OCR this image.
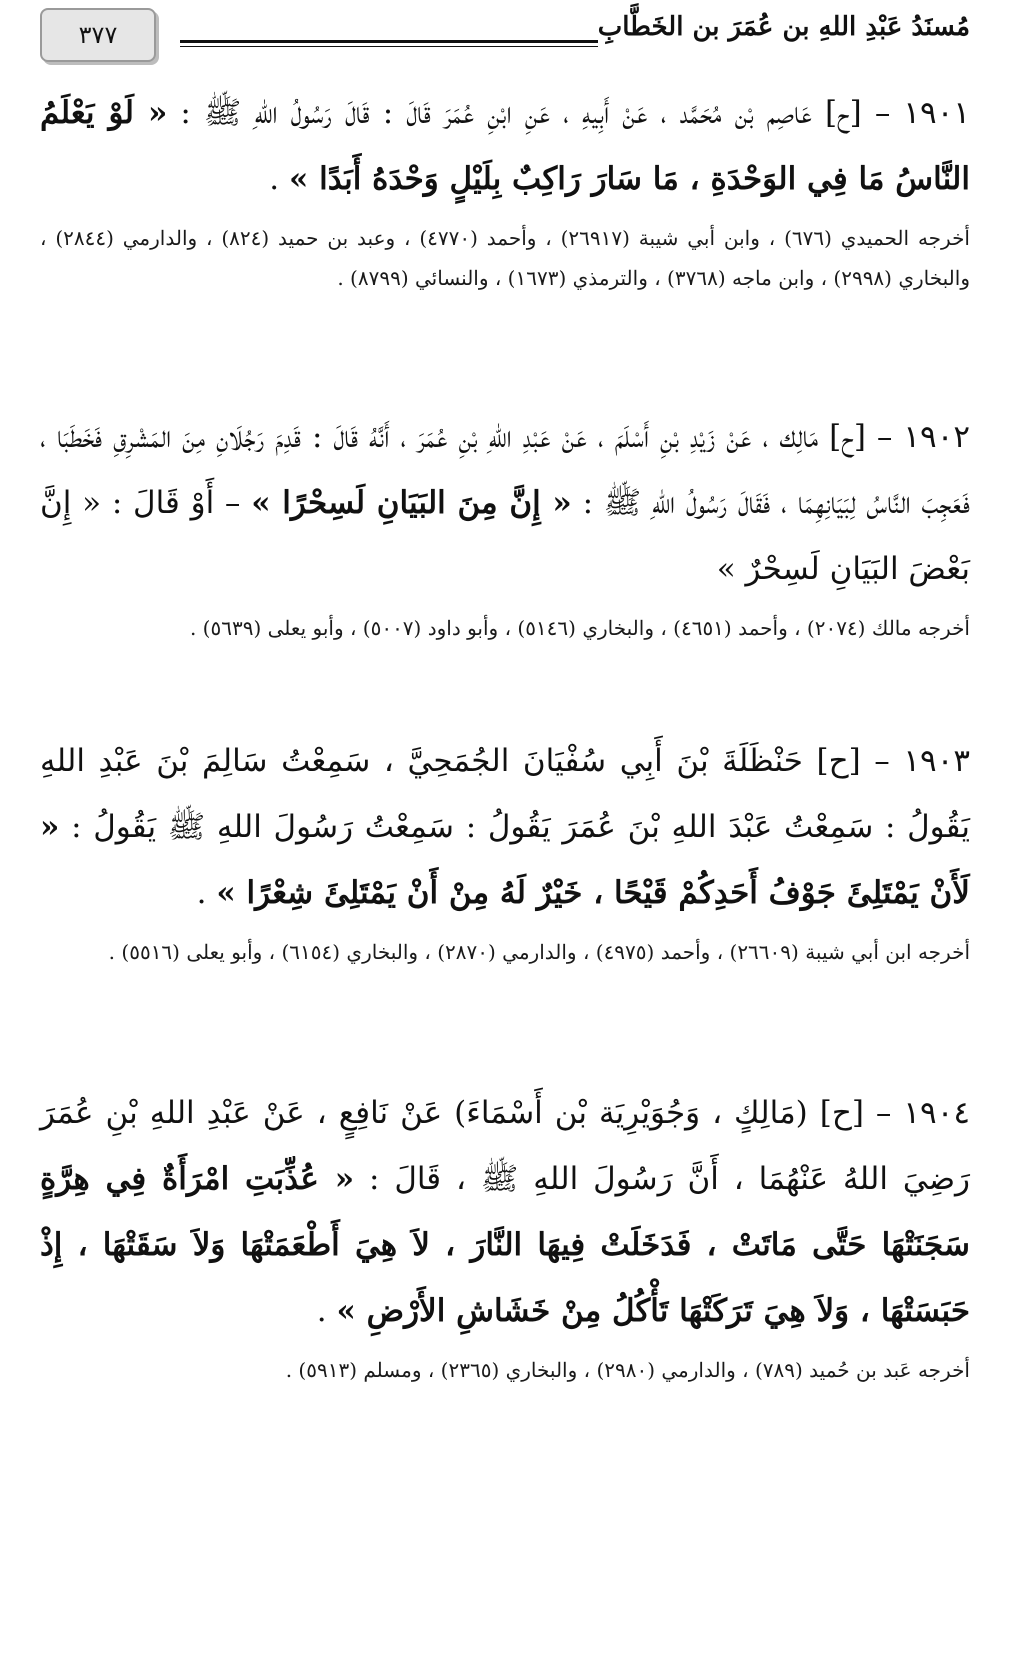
مُسنَدُ عَبْدِ اللهِ بن عُمَرَ بن الخَطَّابِ
٣٧٧

١٩٠١ – [ح] عَاصِم بْن مُحَمَّد ، عَنْ أَبِيهِ ، عَنِ ابْنِ عُمَرَ قَالَ : قَالَ رَسُولُ اللهِ ﷺ : « لَوْ يَعْلَمُ النَّاسُ مَا فِي الوَحْدَةِ ، مَا سَارَ رَاكِبٌ بِلَيْلٍ وَحْدَهُ أَبَدًا » .

أخرجه الحميدي (٦٧٦) ، وابن أبي شيبة (٢٦٩١٧) ، وأحمد (٤٧٧٠) ، وعبد بن حميد (٨٢٤) ، والدارمي (٢٨٤٤) ، والبخاري (٢٩٩٨) ، وابن ماجه (٣٧٦٨) ، والترمذي (١٦٧٣) ، والنسائي (٨٧٩٩) .

١٩٠٢ – [ح] مَالِك ، عَنْ زَيْدِ بْنِ أَسْلَمَ ، عَنْ عَبْدِ اللهِ بْنِ عُمَرَ ، أَنَّهُ قَالَ : قَدِمَ رَجُلَانِ مِنَ المَشْرِقِ فَخَطَبَا ، فَعَجِبَ النَّاسُ لِبَيَانِهِمَا ، فَقَالَ رَسُولُ اللهِ ﷺ : « إِنَّ مِنَ البَيَانِ لَسِحْرًا » – أَوْ قَالَ : « إِنَّ بَعْضَ البَيَانِ لَسِحْرٌ »

أخرجه مالك (٢٠٧٤) ، وأحمد (٤٦٥١) ، والبخاري (٥١٤٦) ، وأبو داود (٥٠٠٧) ، وأبو يعلى (٥٦٣٩) .

١٩٠٣ – [ح] حَنْظَلَةَ بْنَ أَبِي سُفْيَانَ الجُمَحِيَّ ، سَمِعْتُ سَالِمَ بْنَ عَبْدِ اللهِ يَقُولُ : سَمِعْتُ عَبْدَ اللهِ بْنَ عُمَرَ يَقُولُ : سَمِعْتُ رَسُولَ اللهِ ﷺ يَقُولُ : « لَأَنْ يَمْتَلِئَ جَوْفُ أَحَدِكُمْ قَيْحًا ، خَيْرٌ لَهُ مِنْ أَنْ يَمْتَلِئَ شِعْرًا » .

أخرجه ابن أبي شيبة (٢٦٦٠٩) ، وأحمد (٤٩٧٥) ، والدارمي (٢٨٧٠) ، والبخاري (٦١٥٤) ، وأبو يعلى (٥٥١٦) .

١٩٠٤ – [ح] (مَالِكٍ ، وَجُوَيْرِيَة بْن أَسْمَاءَ) عَنْ نَافِعٍ ، عَنْ عَبْدِ اللهِ بْنِ عُمَرَ رَضِيَ اللهُ عَنْهُمَا ، أَنَّ رَسُولَ اللهِ ﷺ ، قَالَ : « عُذِّبَتِ امْرَأَةٌ فِي هِرَّةٍ سَجَنَتْهَا حَتَّى مَاتَتْ ، فَدَخَلَتْ فِيهَا النَّارَ ، لاَ هِيَ أَطْعَمَتْهَا وَلاَ سَقَتْهَا ، إِذْ حَبَسَتْهَا ، وَلاَ هِيَ تَرَكَتْهَا تَأْكُلُ مِنْ خَشَاشِ الأَرْضِ » .

أخرجه عَبد بن حُميد (٧٨٩) ، والدارمي (٢٩٨٠) ، والبخاري (٢٣٦٥) ، ومسلم (٥٩١٣) .
